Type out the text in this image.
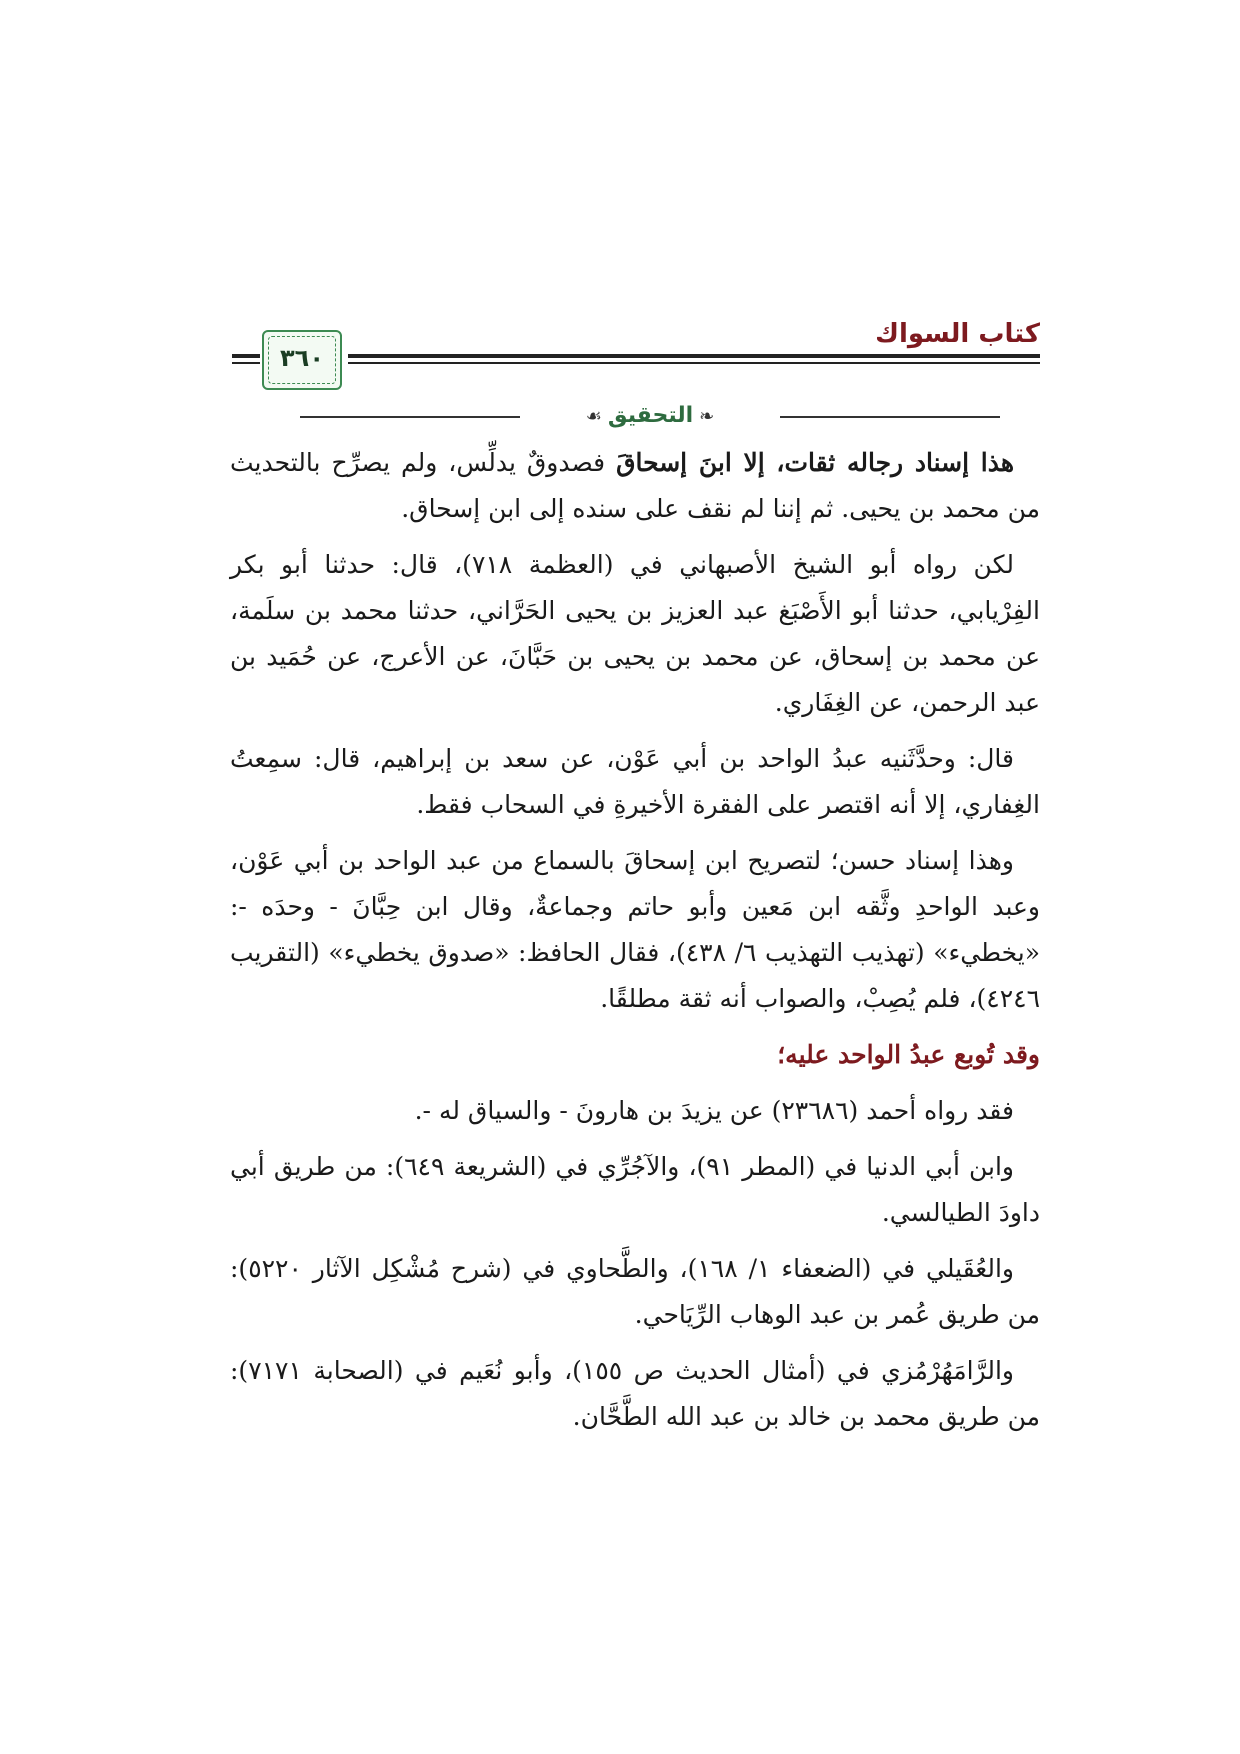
كتاب السواك
٣٦٠
❧التحقيق☙

هذا إسناد رجاله ثقات، إلا ابنَ إسحاقَ فصدوقٌ يدلِّس، ولم يصرِّح بالتحديث من محمد بن يحيى. ثم إننا لم نقف على سنده إلى ابن إسحاق.

لكن رواه أبو الشيخ الأصبهاني في (العظمة ٧١٨)، قال: حدثنا أبو بكر الفِرْيابي، حدثنا أبو الأَصْبَغ عبد العزيز بن يحيى الحَرَّاني، حدثنا محمد بن سلَمة، عن محمد بن إسحاق، عن محمد بن يحيى بن حَبَّانَ، عن الأعرج، عن حُمَيد بن عبد الرحمن، عن الغِفَاري.

قال: وحدَّثَنيه عبدُ الواحد بن أبي عَوْن، عن سعد بن إبراهيم، قال: سمِعتُ الغِفاري، إلا أنه اقتصر على الفقرة الأخيرةِ في السحاب فقط.

وهذا إسناد حسن؛ لتصريح ابن إسحاقَ بالسماع من عبد الواحد بن أبي عَوْن، وعبد الواحدِ وثَّقه ابن مَعين وأبو حاتم وجماعةٌ، وقال ابن حِبَّانَ - وحدَه -: «يخطيء» (تهذيب التهذيب ٦/ ٤٣٨)، فقال الحافظ: «صدوق يخطيء» (التقريب ٤٢٤٦)، فلم يُصِبْ، والصواب أنه ثقة مطلقًا.

وقد تُوبع عبدُ الواحد عليه؛

فقد رواه أحمد (٢٣٦٨٦) عن يزيدَ بن هارونَ - والسياق له -.

وابن أبي الدنيا في (المطر ٩١)، والآجُرِّي في (الشريعة ٦٤٩): من طريق أبي داودَ الطيالسي.

والعُقَيلي في (الضعفاء ١/ ١٦٨)، والطَّحاوي في (شرح مُشْكِل الآثار ٥٢٢٠): من طريق عُمر بن عبد الوهاب الرِّيَاحي.

والرَّامَهُرْمُزي في (أمثال الحديث ص ١٥٥)، وأبو نُعَيم في (الصحابة ٧١٧١): من طريق محمد بن خالد بن عبد الله الطَّحَّان.
